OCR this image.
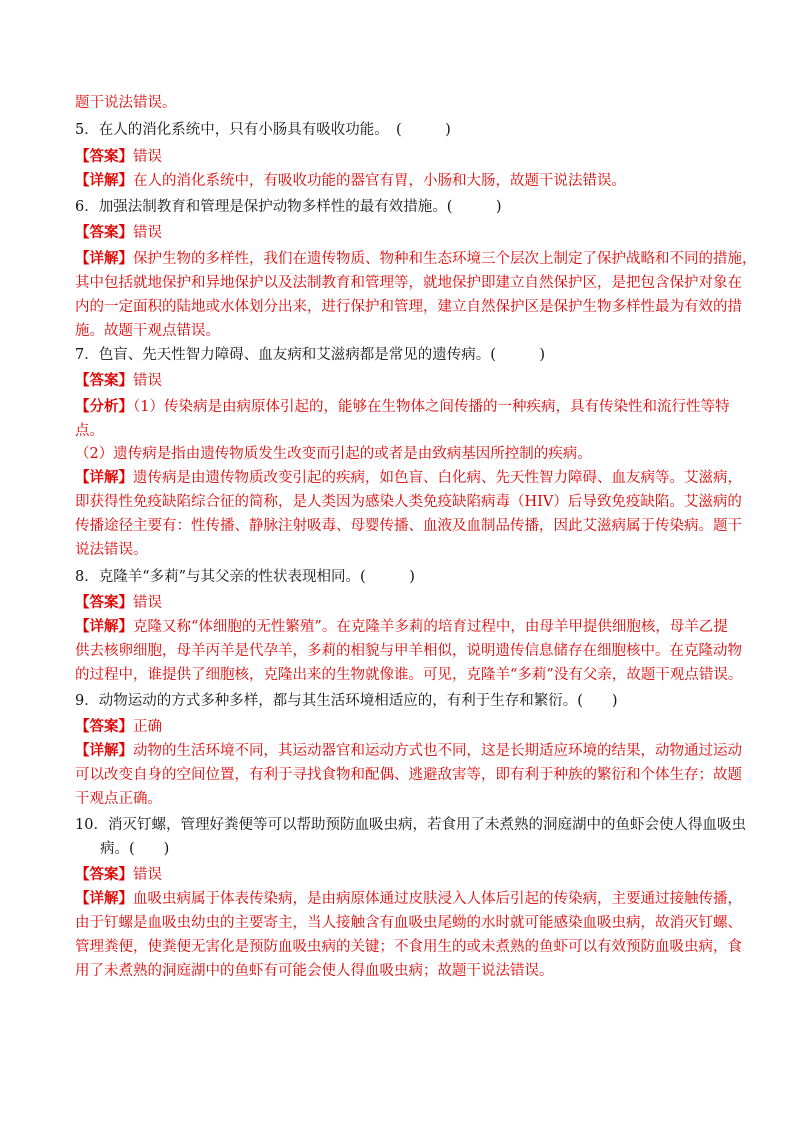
题干说法错误。
5．在人的消化系统中，只有小肠具有吸收功能。　(　　　)
【答案】错误
【详解】在人的消化系统中，有吸收功能的器官有胃，小肠和大肠，故题干说法错误。
6．加强法制教育和管理是保护动物多样性的最有效措施。(　　　)
【答案】错误
【详解】保护生物的多样性，我们在遗传物质、物种和生态环境三个层次上制定了保护战略和不同的措施，
其中包括就地保护和异地保护以及法制教育和管理等，就地保护即建立自然保护区，是把包含保护对象在
内的一定面积的陆地或水体划分出来，进行保护和管理，建立自然保护区是保护生物多样性最为有效的措
施。故题干观点错误。
7．色盲、先天性智力障碍、血友病和艾滋病都是常见的遗传病。(　　　)
【答案】错误
【分析】（1）传染病是由病原体引起的，能够在生物体之间传播的一种疾病，具有传染性和流行性等特
点。
（2）遗传病是指由遗传物质发生改变而引起的或者是由致病基因所控制的疾病。
【详解】遗传病是由遗传物质改变引起的疾病，如色盲、白化病、先天性智力障碍、血友病等。艾滋病，
即获得性免疫缺陷综合征的简称，是人类因为感染人类免疫缺陷病毒（HIV）后导致免疫缺陷。艾滋病的
传播途径主要有：性传播、静脉注射吸毒、母婴传播、血液及血制品传播，因此艾滋病属于传染病。题干
说法错误。
8．克隆羊“多莉”与其父亲的性状表现相同。(　　　)
【答案】错误
【详解】克隆又称“体细胞的无性繁殖”。在克隆羊多莉的培育过程中，由母羊甲提供细胞核，母羊乙提
供去核卵细胞，母羊丙羊是代孕羊，多莉的相貌与甲羊相似，说明遗传信息储存在细胞核中。在克隆动物
的过程中，谁提供了细胞核，克隆出来的生物就像谁。可见，克隆羊“多莉”没有父亲，故题干观点错误。
9．动物运动的方式多种多样，都与其生活环境相适应的，有利于生存和繁衍。(　　)
【答案】正确
【详解】动物的生活环境不同，其运动器官和运动方式也不同，这是长期适应环境的结果，动物通过运动
可以改变自身的空间位置，有利于寻找食物和配偶、逃避敌害等，即有利于种族的繁衍和个体生存；故题
干观点正确。
10．消灭钉螺，管理好粪便等可以帮助预防血吸虫病，若食用了未煮熟的洞庭湖中的鱼虾会使人得血吸虫
病。(　　)
【答案】错误
【详解】血吸虫病属于体表传染病，是由病原体通过皮肤浸入人体后引起的传染病，主要通过接触传播，
由于钉螺是血吸虫幼虫的主要寄主，当人接触含有血吸虫尾蚴的水时就可能感染血吸虫病，故消灭钉螺、
管理粪便，使粪便无害化是预防血吸虫病的关键；不食用生的或未煮熟的鱼虾可以有效预防血吸虫病，食
用了未煮熟的洞庭湖中的鱼虾有可能会使人得血吸虫病；故题干说法错误。
